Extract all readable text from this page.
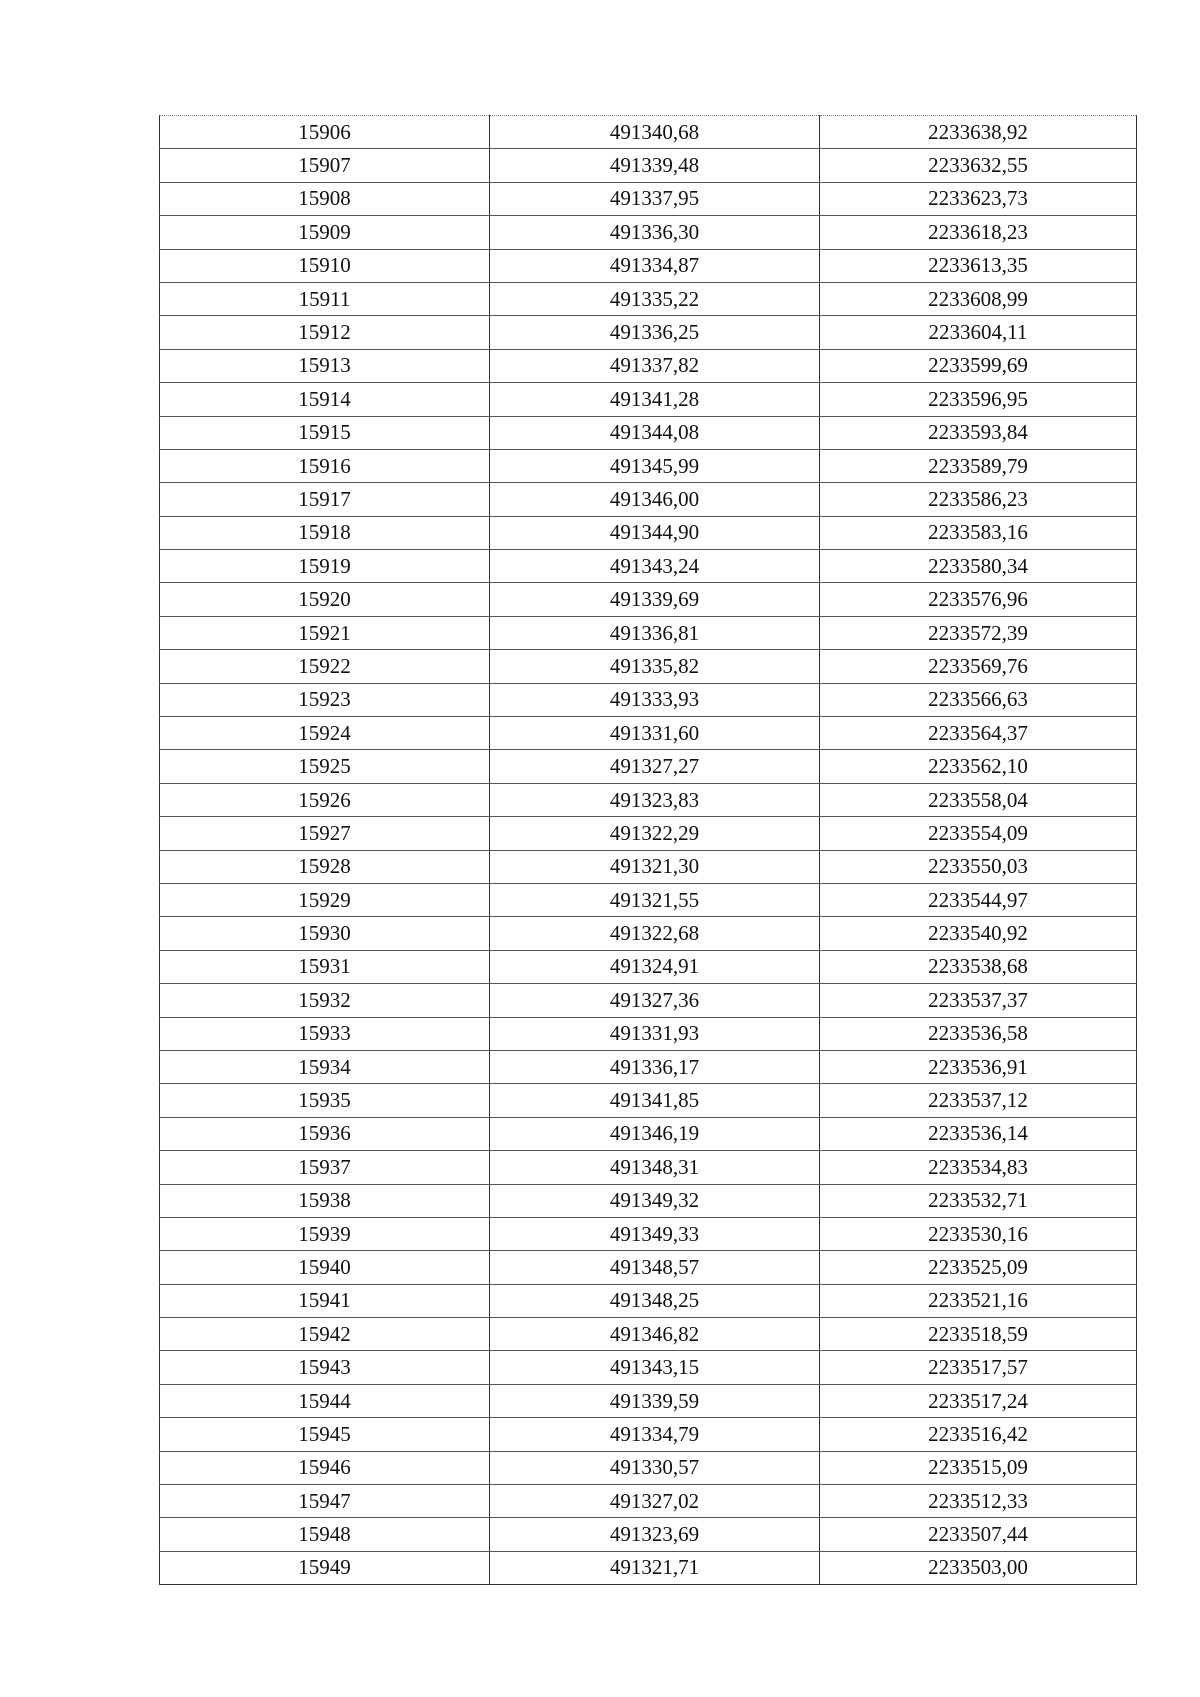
15906	491340,68	2233638,92
15907	491339,48	2233632,55
15908	491337,95	2233623,73
15909	491336,30	2233618,23
15910	491334,87	2233613,35
15911	491335,22	2233608,99
15912	491336,25	2233604,11
15913	491337,82	2233599,69
15914	491341,28	2233596,95
15915	491344,08	2233593,84
15916	491345,99	2233589,79
15917	491346,00	2233586,23
15918	491344,90	2233583,16
15919	491343,24	2233580,34
15920	491339,69	2233576,96
15921	491336,81	2233572,39
15922	491335,82	2233569,76
15923	491333,93	2233566,63
15924	491331,60	2233564,37
15925	491327,27	2233562,10
15926	491323,83	2233558,04
15927	491322,29	2233554,09
15928	491321,30	2233550,03
15929	491321,55	2233544,97
15930	491322,68	2233540,92
15931	491324,91	2233538,68
15932	491327,36	2233537,37
15933	491331,93	2233536,58
15934	491336,17	2233536,91
15935	491341,85	2233537,12
15936	491346,19	2233536,14
15937	491348,31	2233534,83
15938	491349,32	2233532,71
15939	491349,33	2233530,16
15940	491348,57	2233525,09
15941	491348,25	2233521,16
15942	491346,82	2233518,59
15943	491343,15	2233517,57
15944	491339,59	2233517,24
15945	491334,79	2233516,42
15946	491330,57	2233515,09
15947	491327,02	2233512,33
15948	491323,69	2233507,44
15949	491321,71	2233503,00
